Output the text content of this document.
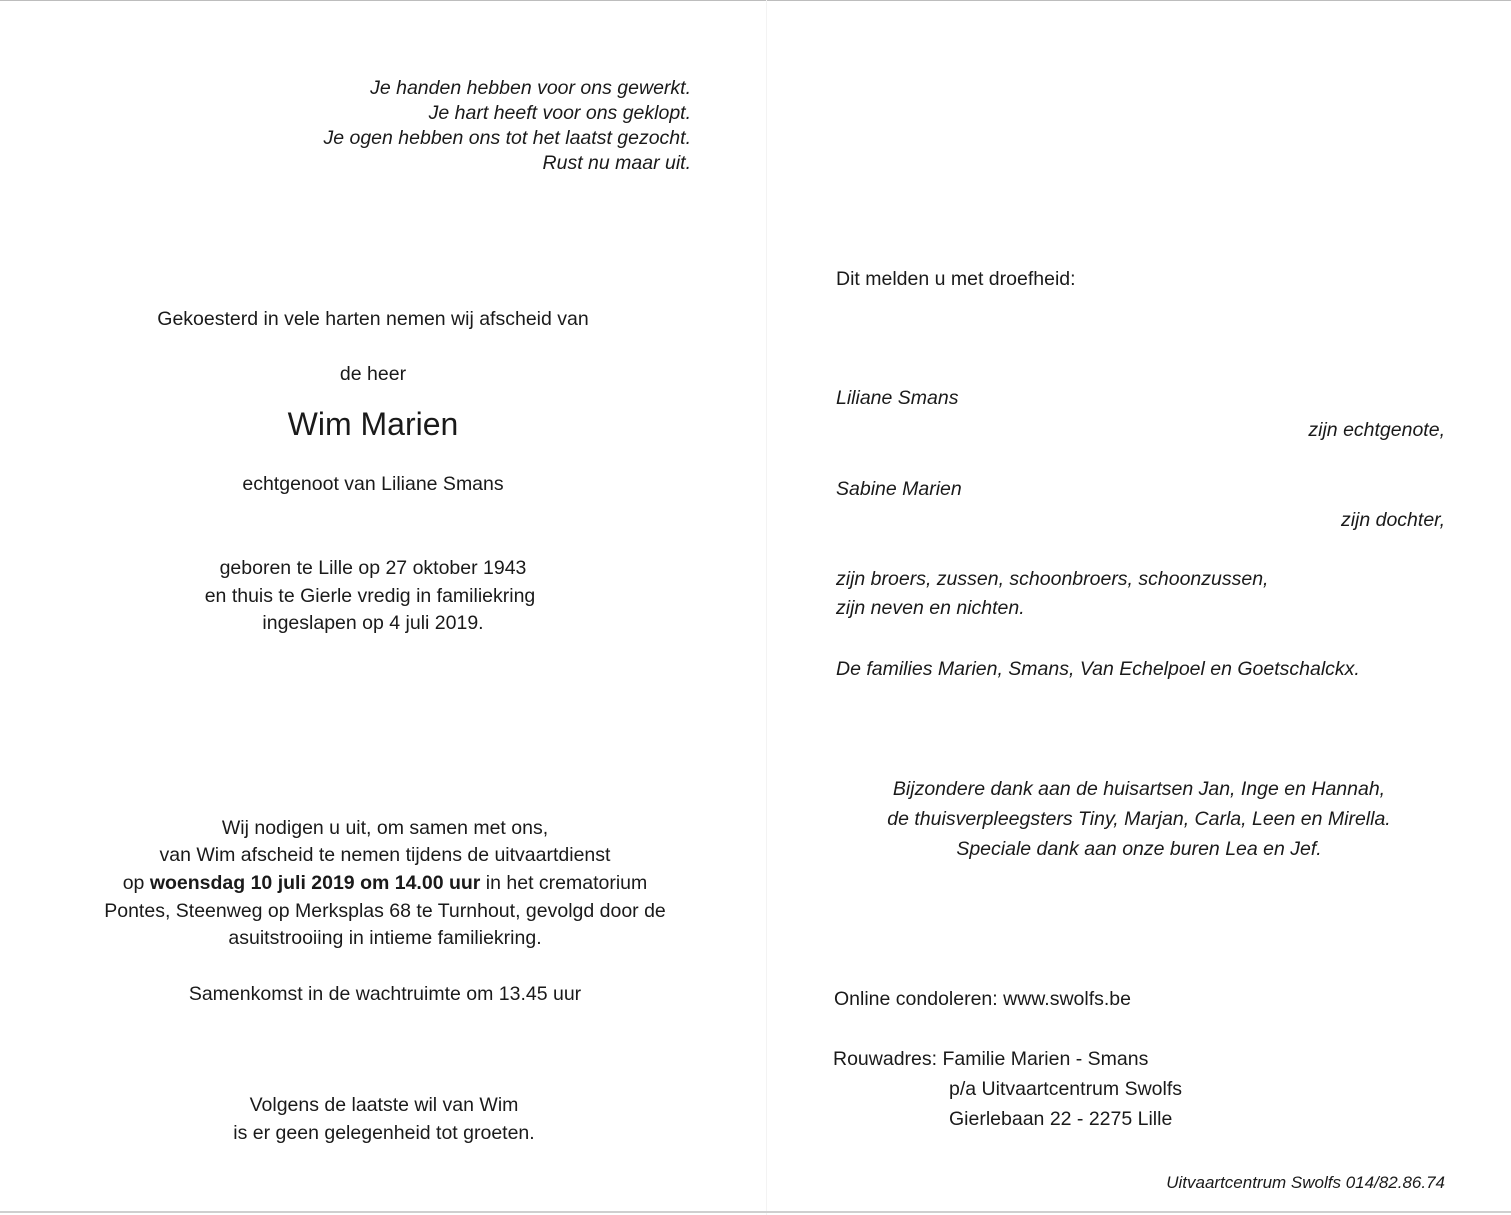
Je handen hebben voor ons gewerkt.
Je hart heeft voor ons geklopt.
Je ogen hebben ons tot het laatst gezocht.
Rust nu maar uit.
Gekoesterd in vele harten nemen wij afscheid van
de heer
Wim Marien
echtgenoot van Liliane Smans
geboren te Lille op 27 oktober 1943
en thuis te Gierle vredig in familiekring
ingeslapen op 4 juli 2019.
Wij nodigen u uit, om samen met ons,
van Wim afscheid te nemen tijdens de uitvaartdienst
op woensdag 10 juli 2019 om 14.00 uur in het crematorium
Pontes, Steenweg op Merksplas 68 te Turnhout, gevolgd door de
asuitstrooiing in intieme familiekring.
Samenkomst in de wachtruimte om 13.45 uur
Volgens de laatste wil van Wim
is er geen gelegenheid tot groeten.
Dit melden u met droefheid:
Liliane Smans
zijn echtgenote,
Sabine Marien
zijn dochter,
zijn broers, zussen, schoonbroers, schoonzussen,
zijn neven en nichten.
De families Marien, Smans, Van Echelpoel en Goetschalckx.
Bijzondere dank aan de huisartsen Jan, Inge en Hannah,
de thuisverpleegsters Tiny, Marjan, Carla, Leen en Mirella.
Speciale dank aan onze buren Lea en Jef.
Online condoleren: www.swolfs.be
Rouwadres: Familie Marien - Smans
p/a Uitvaartcentrum Swolfs
Gierlebaan 22 - 2275 Lille
Uitvaartcentrum Swolfs 014/82.86.74
